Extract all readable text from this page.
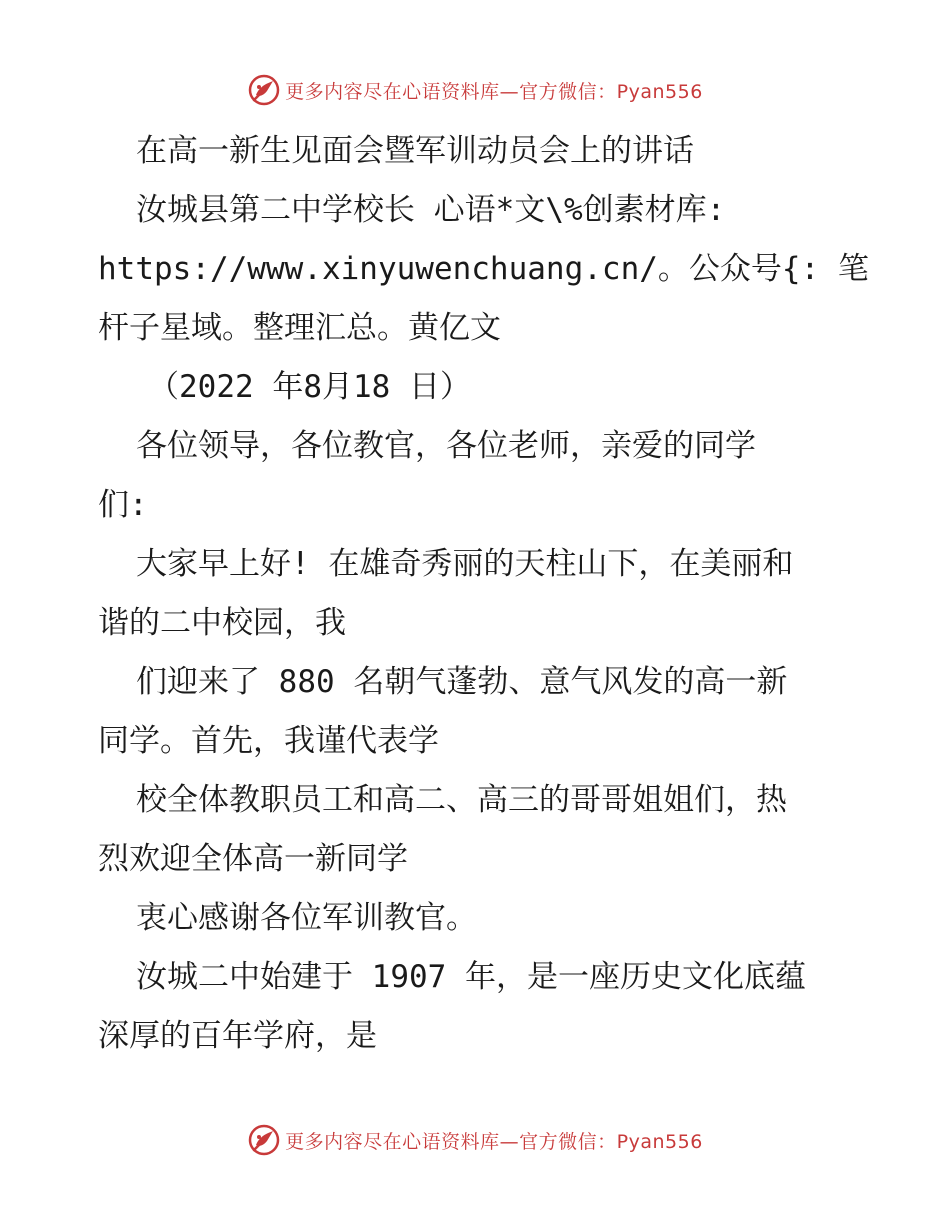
更多内容尽在心语资料库—官方微信：Pyan556
在高一新生见面会暨军训动员会上的讲话
汝城县第二中学校长 心语*文\%创素材库:
https://www.xinyuwenchuang.cn/。公众号{: 笔
杆子星域。整理汇总。黄亿文
（2022 年8月18 日）
各位领导，各位教官，各位老师，亲爱的同学
们:
大家早上好! 在雄奇秀丽的天柱山下，在美丽和
谐的二中校园，我
们迎来了 880 名朝气蓬勃、意气风发的高一新
同学。首先，我谨代表学
校全体教职员工和高二、高三的哥哥姐姐们，热
烈欢迎全体高一新同学
衷心感谢各位军训教官。
汝城二中始建于 1907 年，是一座历史文化底蕴
深厚的百年学府，是
更多内容尽在心语资料库—官方微信：Pyan556
